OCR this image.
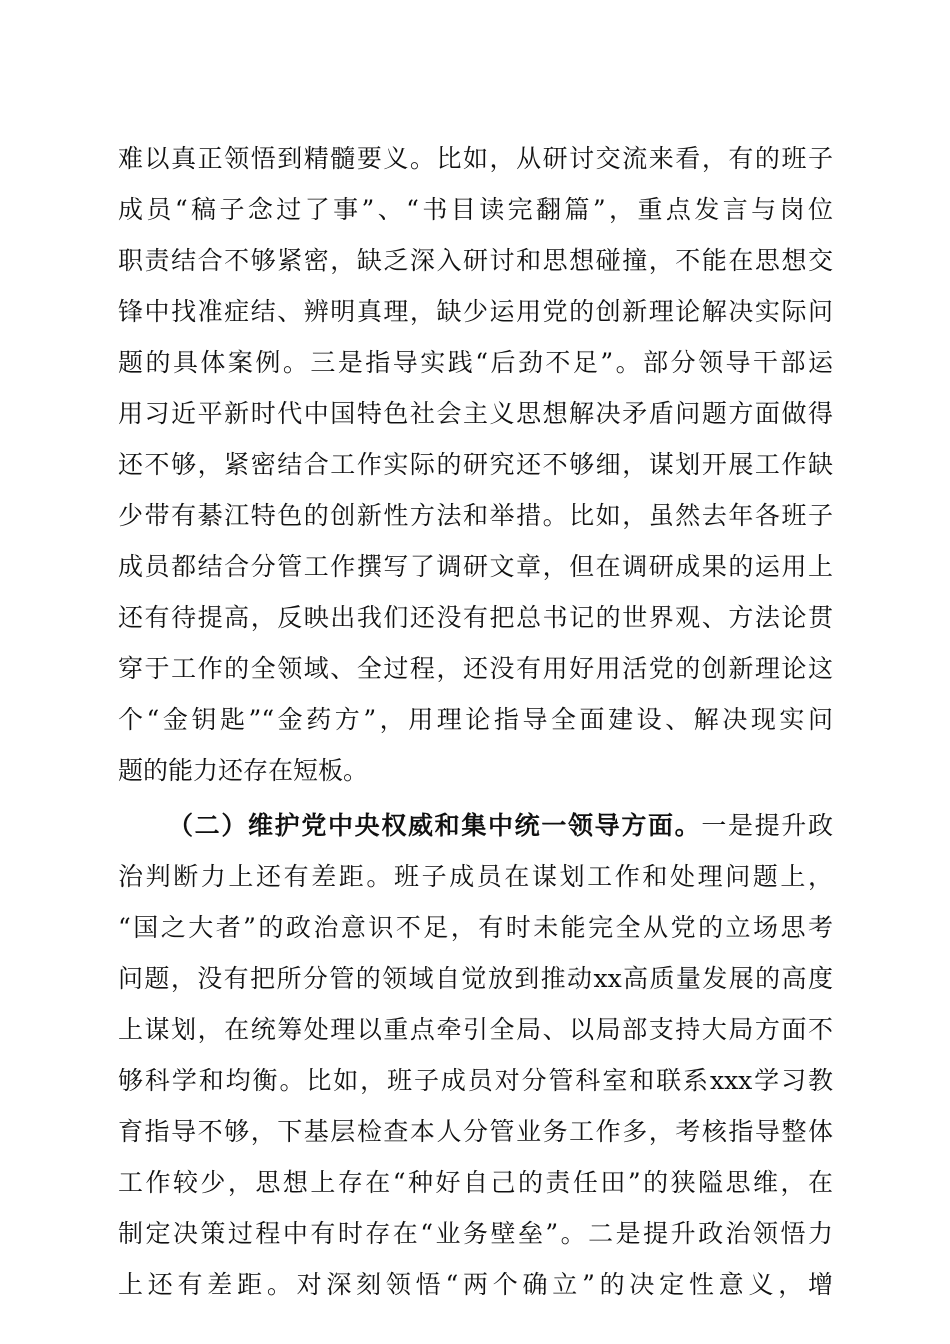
难以真正领悟到精髓要义。比如，从研讨交流来看，有的班子
成员“稿子念过了事”、“书目读完翻篇”，重点发言与岗位
职责结合不够紧密，缺乏深入研讨和思想碰撞，不能在思想交
锋中找准症结、辨明真理，缺少运用党的创新理论解决实际问
题的具体案例。三是指导实践“后劲不足”。部分领导干部运
用习近平新时代中国特色社会主义思想解决矛盾问题方面做得
还不够，紧密结合工作实际的研究还不够细，谋划开展工作缺
少带有綦江特色的创新性方法和举措。比如，虽然去年各班子
成员都结合分管工作撰写了调研文章，但在调研成果的运用上
还有待提高，反映出我们还没有把总书记的世界观、方法论贯
穿于工作的全领域、全过程，还没有用好用活党的创新理论这
个“金钥匙”“金药方”，用理论指导全面建设、解决现实问
题的能力还存在短板。
（二）维护党中央权威和集中统一领导方面。一是提升政
治判断力上还有差距。班子成员在谋划工作和处理问题上，
“国之大者”的政治意识不足，有时未能完全从党的立场思考
问题，没有把所分管的领域自觉放到推动xx高质量发展的高度
上谋划，在统筹处理以重点牵引全局、以局部支持大局方面不
够科学和均衡。比如，班子成员对分管科室和联系xxx学习教
育指导不够，下基层检查本人分管业务工作多，考核指导整体
工作较少，思想上存在“种好自己的责任田”的狭隘思维，在
制定决策过程中有时存在“业务壁垒”。二是提升政治领悟力
上还有差距。对深刻领悟“两个确立”的决定性意义，增
